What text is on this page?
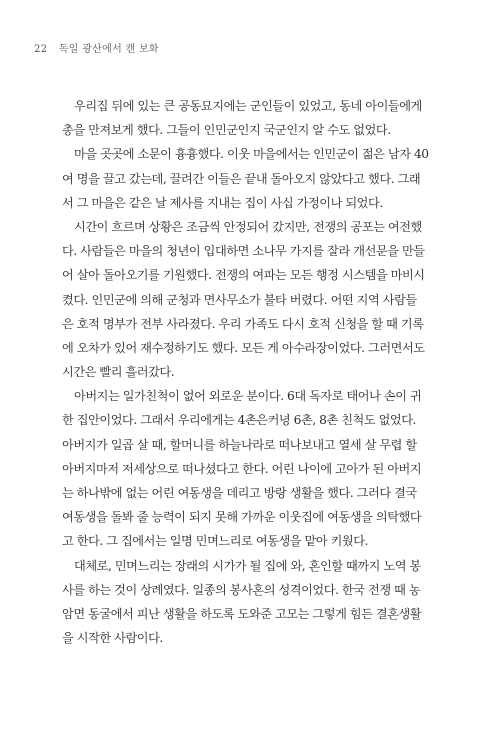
22 독일 광산에서 캔 보화

우리집 뒤에 있는 큰 공동묘지에는 군인들이 있었고, 동네 아이들에게
총을 만져보게 했다. 그들이 인민군인지 국군인지 알 수도 없었다.

마을 곳곳에 소문이 흉흉했다. 이웃 마을에서는 인민군이 젊은 남자 40
여 명을 끌고 갔는데, 끌려간 이들은 끝내 돌아오지 않았다고 했다. 그래
서 그 마을은 같은 날 제사를 지내는 집이 사십 가정이나 되었다.

시간이 흐르며 상황은 조금씩 안정되어 갔지만, 전쟁의 공포는 여전했
다. 사람들은 마을의 청년이 입대하면 소나무 가지를 잘라 개선문을 만들
어 살아 돌아오기를 기원했다. 전쟁의 여파는 모든 행정 시스템을 마비시
켰다. 인민군에 의해 군청과 면사무소가 불타 버렸다. 어떤 지역 사람들
은 호적 명부가 전부 사라졌다. 우리 가족도 다시 호적 신청을 할 때 기록
에 오차가 있어 재수정하기도 했다. 모든 게 아수라장이었다. 그러면서도
시간은 빨리 흘러갔다.

아버지는 일가친척이 없어 외로운 분이다. 6대 독자로 태어나 손이 귀
한 집안이었다. 그래서 우리에게는 4촌은커녕 6촌, 8촌 친척도 없었다.
아버지가 일곱 살 때, 할머니를 하늘나라로 떠나보내고 열세 살 무렵 할
아버지마저 저세상으로 떠나셨다고 한다. 어린 나이에 고아가 된 아버지
는 하나밖에 없는 어린 여동생을 데리고 방랑 생활을 했다. 그러다 결국
여동생을 돌봐 줄 능력이 되지 못해 가까운 이웃집에 여동생을 의탁했다
고 한다. 그 집에서는 일명 민며느리로 여동생을 맡아 키웠다.

대체로, 민며느리는 장래의 시가가 될 집에 와, 혼인할 때까지 노역 봉
사를 하는 것이 상례였다. 일종의 봉사혼의 성격이었다. 한국 전쟁 때 농
암면 동굴에서 피난 생활을 하도록 도와준 고모는 그렇게 힘든 결혼생활
을 시작한 사람이다.
